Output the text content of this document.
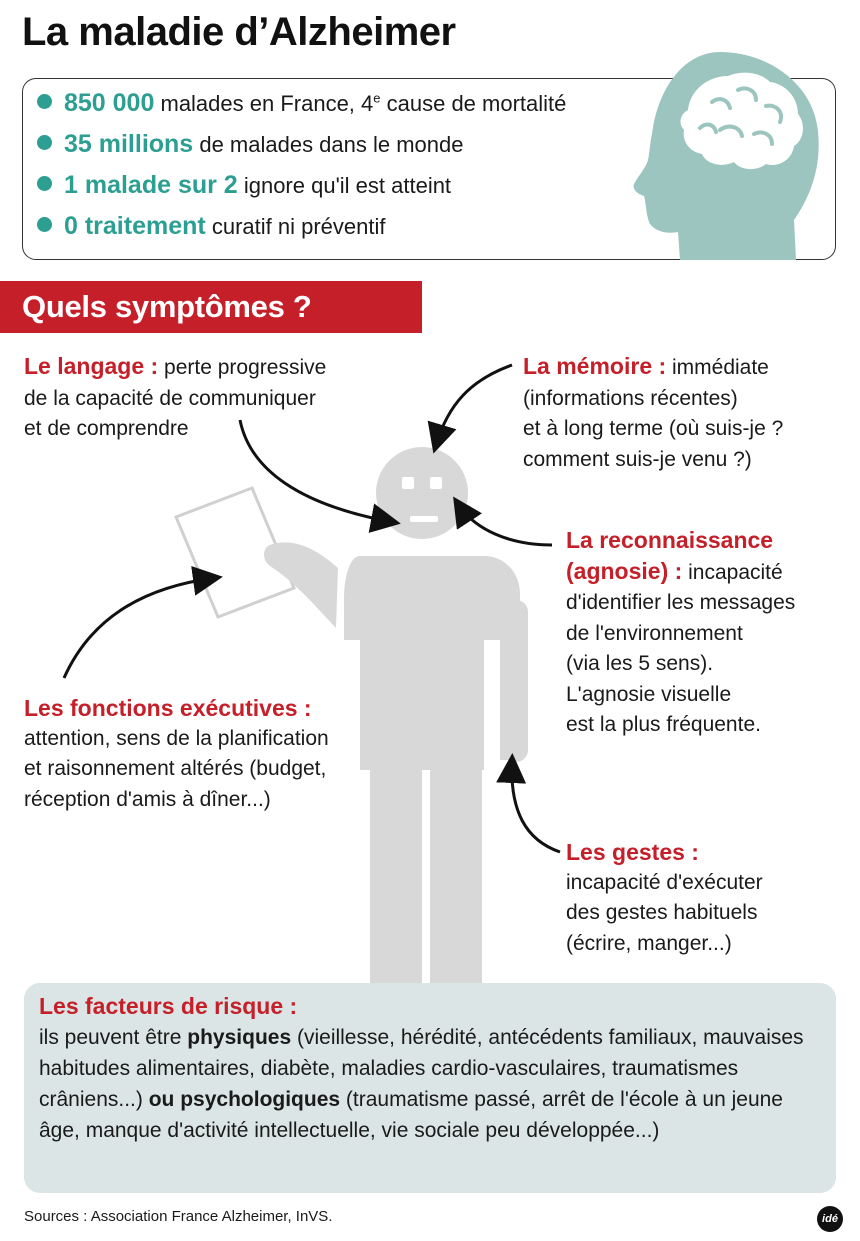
La maladie d’Alzheimer
850 000 malades en France, 4e cause de mortalité
35 millions de malades dans le monde
1 malade sur 2 ignore qu'il est atteint
0 traitement curatif ni préventif
Quels symptômes ?
Le langage : perte progressive
de la capacité de communiquer
et de comprendre
La mémoire : immédiate
(informations récentes)
et à long terme (où suis-je ?
comment suis-je venu ?)
La reconnaissance
(agnosie) : incapacité
d'identifier les messages
de l'environnement
(via les 5 sens).
L'agnosie visuelle
est la plus fréquente.
Les fonctions exécutives :
attention, sens de la planification
et raisonnement altérés (budget,
réception d'amis à dîner...)
Les gestes :
incapacité d'exécuter
des gestes habituels
(écrire, manger...)
Les facteurs de risque :
ils peuvent être physiques (vieillesse, hérédité, antécédents familiaux, mauvaises habitudes alimentaires, diabète, maladies cardio-vasculaires, traumatismes crâniens...) ou psychologiques (traumatisme passé, arrêt de l'école à un jeune âge, manque d'activité intellectuelle, vie sociale peu développée...)
Sources : Association France Alzheimer, InVS.	idé
